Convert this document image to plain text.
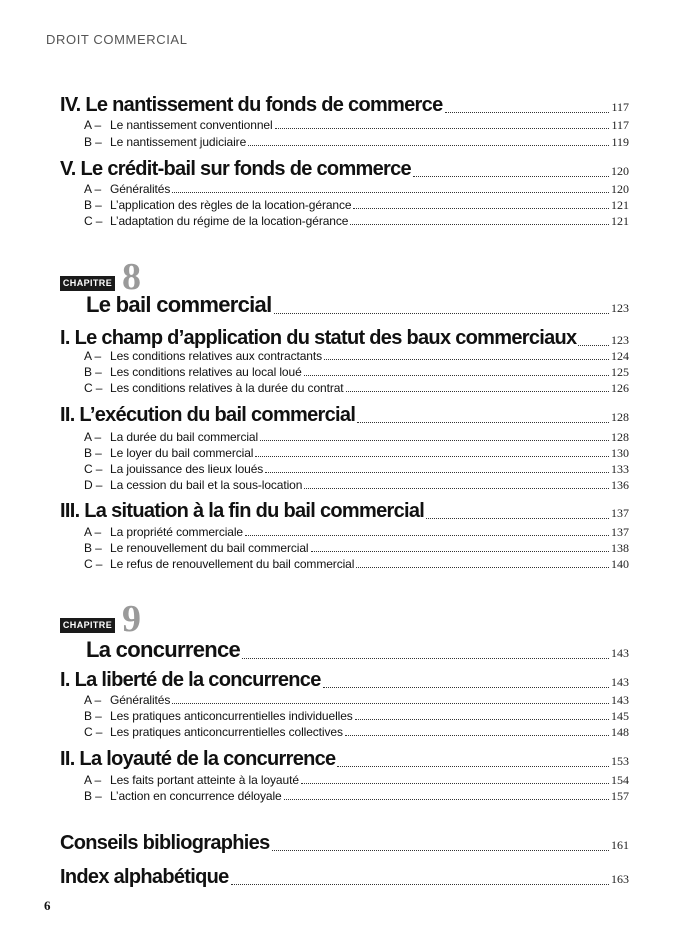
DROIT COMMERCIAL
IV. Le nantissement du fonds de commerce	117
A – Le nantissement conventionnel	117
B – Le nantissement judiciaire	119
V. Le crédit-bail sur fonds de commerce	120
A – Généralités	120
B – L’application des règles de la location-gérance	121
C – L’adaptation du régime de la location-gérance	121
CHAPITRE 8
Le bail commercial	123
I. Le champ d’application du statut des baux commerciaux	123
A – Les conditions relatives aux contractants	124
B – Les conditions relatives au local loué	125
C – Les conditions relatives à la durée du contrat	126
II. L’exécution du bail commercial	128
A – La durée du bail commercial	128
B – Le loyer du bail commercial	130
C – La jouissance des lieux loués	133
D – La cession du bail et la sous-location	136
III. La situation à la fin du bail commercial	137
A – La propriété commerciale	137
B – Le renouvellement du bail commercial	138
C – Le refus de renouvellement du bail commercial	140
CHAPITRE 9
La concurrence	143
I. La liberté de la concurrence	143
A – Généralités	143
B – Les pratiques anticoncurrentielles individuelles	145
C – Les pratiques anticoncurrentielles collectives	148
II. La loyauté de la concurrence	153
A – Les faits portant atteinte à la loyauté	154
B – L’action en concurrence déloyale	157
Conseils bibliographies	161
Index alphabétique	163
6
